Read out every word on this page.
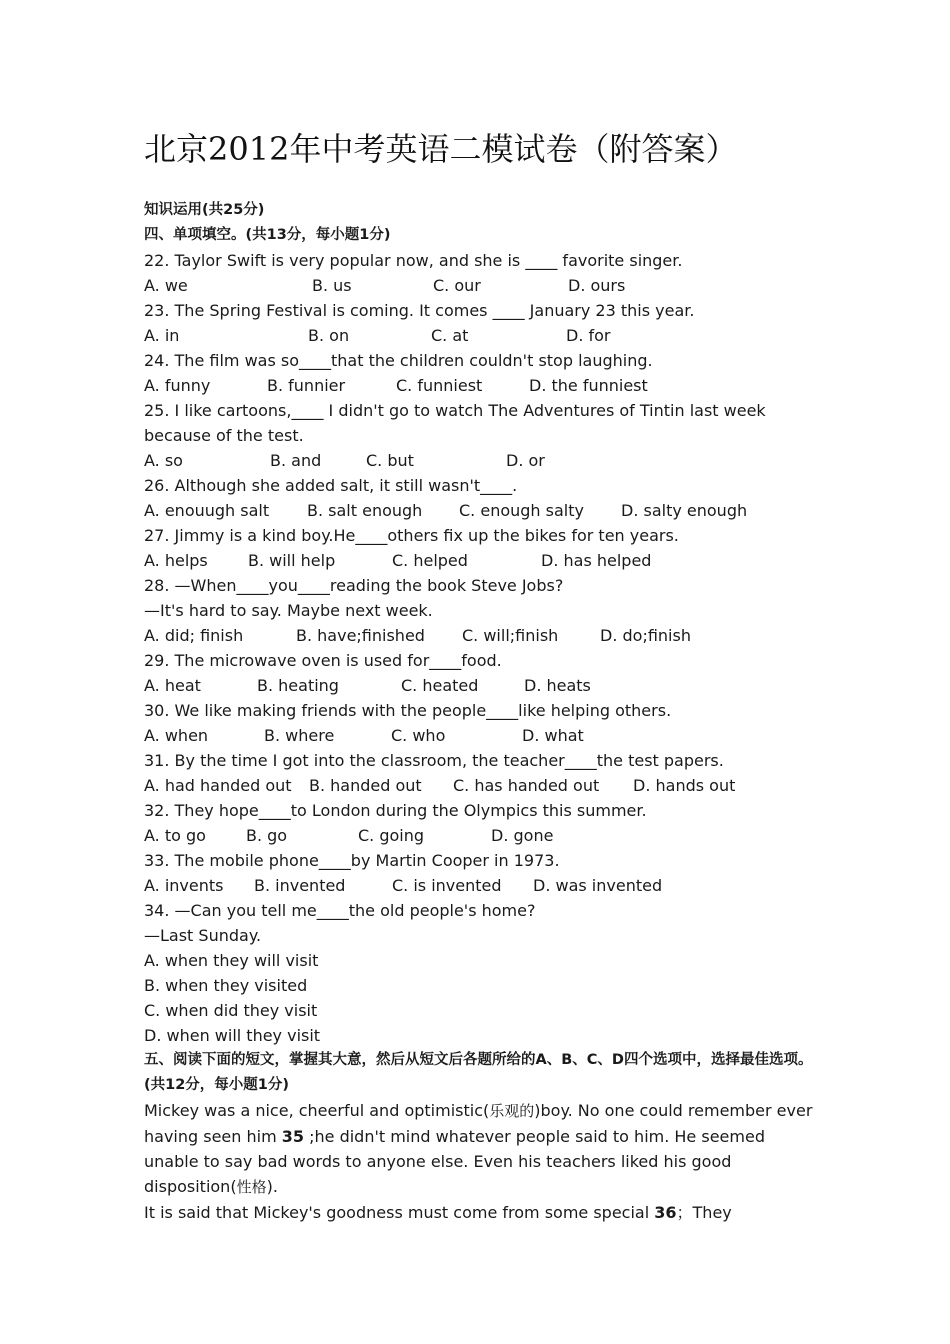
北京2012年中考英语二模试卷（附答案）
知识运用(共25分)
四、单项填空。(共13分，每小题1分)
22. Taylor Swift is very popular now, and she is ____ favorite singer.
A. we	B. us	C. our	D. ours
23. The Spring Festival is coming. It comes ____ January 23 this year.
A. in	B. on	C. at	D. for
24. The film was so____that the children couldn't stop laughing.
A. funny	B. funnier	C. funniest	D. the funniest
25. I like cartoons,____ I didn't go to watch The Adventures of Tintin last week
because of the test.
A. so	B. and	C. but	D. or
26. Although she added salt, it still wasn't____.
A. enouugh salt	B. salt enough	C. enough salty	D. salty enough
27. Jimmy is a kind boy.He____others fix up the bikes for ten years.
A. helps	B. will help	C. helped	D. has helped
28. —When____you____reading the book Steve Jobs?
—It's hard to say. Maybe next week.
A. did; finish	B. have;finished	C. will;finish	D. do;finish
29. The microwave oven is used for____food.
A. heat	B. heating	C. heated	D. heats
30. We like making friends with the people____like helping others.
A. when	B. where	C. who	D. what
31. By the time I got into the classroom, the teacher____the test papers.
A. had handed out	B. handed out	C. has handed out	D. hands out
32. They hope____to London during the Olympics this summer.
A. to go	B. go	C. going	D. gone
33. The mobile phone____by Martin Cooper in 1973.
A. invents	B. invented	C. is invented	D. was invented
34. —Can you tell me____the old people's home?
—Last Sunday.
A. when they will visit
B. when they visited
C. when did they visit
D. when will they visit
五、阅读下面的短文，掌握其大意，然后从短文后各题所给的A、B、C、D四个选项中，选择最佳选项。(共12分，每小题1分)
Mickey was a nice, cheerful and optimistic(乐观的)boy. No one could remember ever having seen him 35 ;he didn't mind whatever people said to him. He seemed unable to say bad words to anyone else. Even his teachers liked his good disposition(性格).
It is said that Mickey's goodness must come from some special 36；They
